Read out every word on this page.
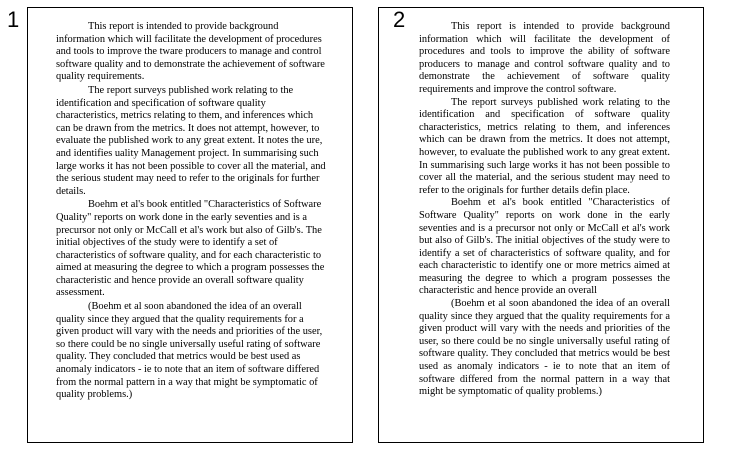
This report is intended to provide background information which will facilitate the development of procedures and tools to improve the tware producers to manage and control software quality and to demonstrate the achievement of software quality requirements.

The report surveys published work relating to the identification and specification of software quality characteristics, metrics relating to them, and inferences which can be drawn from the metrics. It does not attempt, however, to evaluate the published work to any great extent. It notes the ure, and identifies uality Management project. In summarising such large works it has not been possible to cover all the material, and the serious student may need to refer to the originals for further details.

Boehm et al's book entitled "Characteristics of Software Quality" reports on work done in the early seventies and is a precursor not only or McCall et al's work but also of Gilb's. The initial objectives of the study were to identify a set of characteristics of software quality, and for each characteristic to aimed at measuring the degree to which a program possesses the characteristic and hence provide an overall software quality assessment.

(Boehm et al soon abandoned the idea of an overall quality since they argued that the quality requirements for a given product will vary with the needs and priorities of the user, so there could be no single universally useful rating of software quality. They concluded that metrics would be best used as anomaly indicators - ie to note that an item of software differed from the normal pattern in a way that might be symptomatic of quality problems.)

This report is intended to provide background information which will facilitate the development of procedures and tools to improve the ability of software producers to manage and control software quality and to demonstrate the achievement of software quality requirements and improve the control software.

The report surveys published work relating to the identification and specification of software quality characteristics, metrics relating to them, and inferences which can be drawn from the metrics. It does not attempt, however, to evaluate the published work to any great extent. In summarising such large works it has not been possible to cover all the material, and the serious student may need to refer to the originals for further details defin place.

Boehm et al's book entitled "Characteristics of Software Quality" reports on work done in the early seventies and is a precursor not only or McCall et al's work but also of Gilb's. The initial objectives of the study were to identify a set of characteristics of software quality, and for each characteristic to identify one or more metrics aimed at measuring the degree to which a program possesses the characteristic and hence provide an overall

(Boehm et al soon abandoned the idea of an overall quality since they argued that the quality requirements for a given product will vary with the needs and priorities of the user, so there could be no single universally useful rating of software quality. They concluded that metrics would be best used as anomaly indicators - ie to note that an item of software differed from the normal pattern in a way that might be symptomatic of quality problems.)

1	2
